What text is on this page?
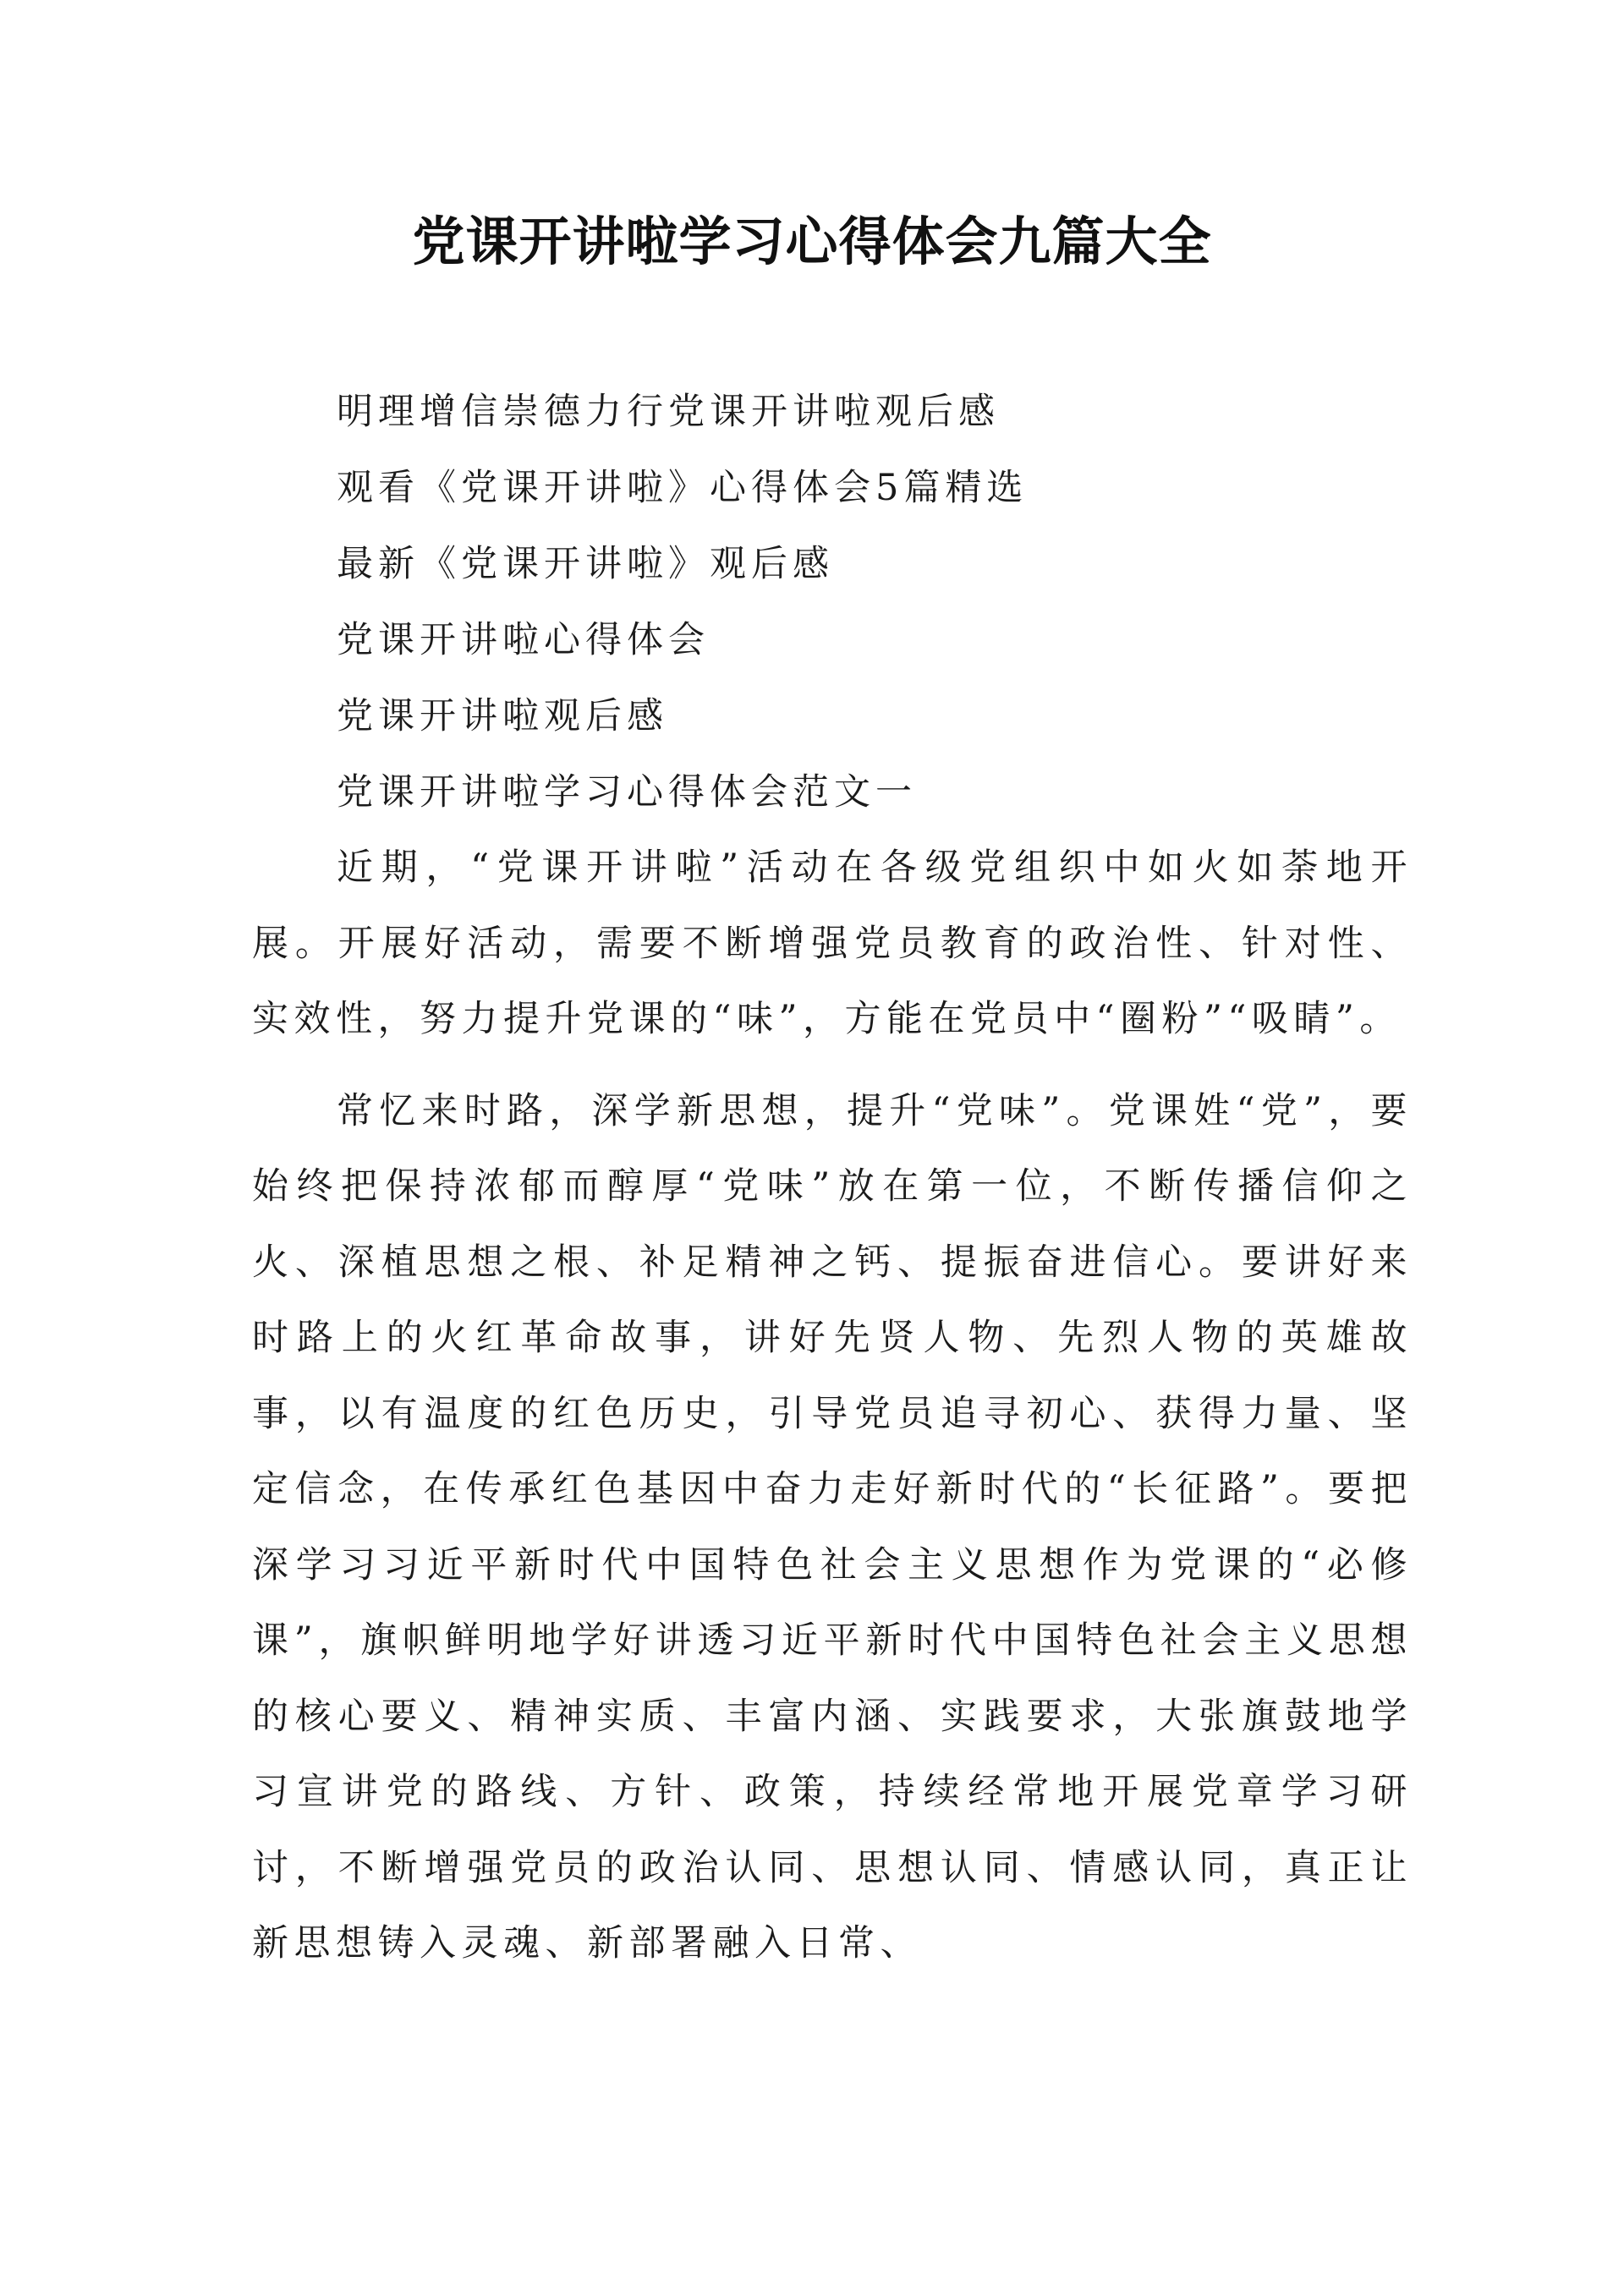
党课开讲啦学习心得体会九篇大全
明理增信崇德力行党课开讲啦观后感
观看《党课开讲啦》心得体会5篇精选
最新《党课开讲啦》观后感
党课开讲啦心得体会
党课开讲啦观后感
党课开讲啦学习心得体会范文一

近期，“党课开讲啦”活动在各级党组织中如火如荼地开展。开展好活动，需要不断增强党员教育的政治性、针对性、实效性，努力提升党课的“味”，方能在党员中“圈粉”“吸睛”。

常忆来时路，深学新思想，提升“党味”。党课姓“党”，要始终把保持浓郁而醇厚“党味”放在第一位，不断传播信仰之火、深植思想之根、补足精神之钙、提振奋进信心。要讲好来时路上的火红革命故事，讲好先贤人物、先烈人物的英雄故事，以有温度的红色历史，引导党员追寻初心、获得力量、坚定信念，在传承红色基因中奋力走好新时代的“长征路”。要把深学习习近平新时代中国特色社会主义思想作为党课的“必修课”，旗帜鲜明地学好讲透习近平新时代中国特色社会主义思想的核心要义、精神实质、丰富内涵、实践要求，大张旗鼓地学习宣讲党的路线、方针、政策，持续经常地开展党章学习研讨，不断增强党员的政治认同、思想认同、情感认同，真正让新思想铸入灵魂、新部署融入日常、
